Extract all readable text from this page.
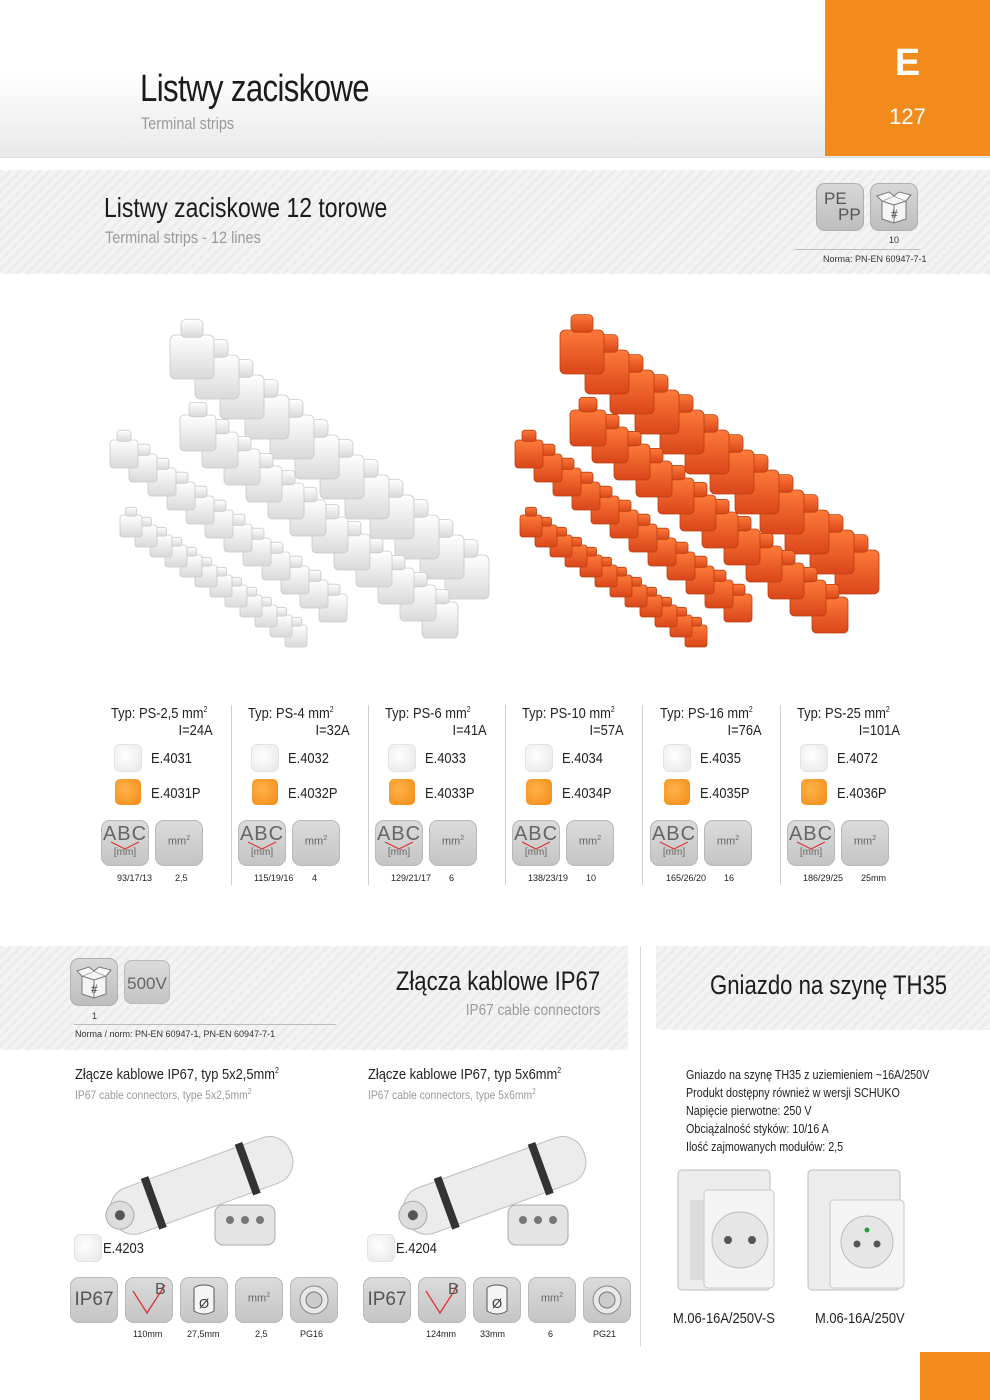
Listwy zaciskowe
Terminal strips
E
127
Listwy zaciskowe 12 torowe
Terminal strips - 12 lines
PE
PP	#
10
Norma: PN-EN 60947-7-1
Typ: PS-2,5 $mm^2$
I=24A
E.4031
E.4031P
ABC
[mm]
$mm^2$
93/17/13	2,5
Typ: PS-4 $mm^2$
I=32A
E.4032
E.4032P
ABC
[mm]
$mm^2$
115/19/16 4
Typ: PS-6 $mm^2$
I=41A
E.4033
E.4033P
ABC
[mm]
$mm^2$
129/21/17 6
Typ: PS-10 $mm^2$
I=57A
E.4034
E.4034P
ABC
[mm]
$mm^2$
138/23/19 10
Typ: PS-16 $mm^2$
I=76A
E.4035
E.4035P
ABC
[mm]
$mm^2$
165/26/20 16
Typ: PS-25 $mm^2$
I=101A
E.4072
E.4036P
ABC
[mm]
$mm^2$
186/29/25 25mm
# 500V
1
Norma / norm: PN-EN 60947-1, PN-EN 60947-7-1
Złącza kablowe IP67
IP67 cable connectors
Gniazdo na szynę TH35
Złącze kablowe IP67, typ $5x2,5mm^2$
IP67 cable connectors, type $5x2,5mm^2$
E.4203
IP67	B
Ø	$mm^2$
110mm	27,5mm	2,5	PG16
Złącze kablowe IP67, typ $5x6mm^2$
IP67 cable connectors, type $5x6mm^2$
E.4204
IP67	B
Ø	$mm^2$
124mm	33mm	6	PG21
Gniazdo na szynę TH35 z uziemieniem ~16A/250V
Produkt dostępny również w wersji SCHUKO
Napięcie pierwotne: 250 V
Obciążalność styków: 10/16 A
Ilość zajmowanych modułów: 2,5
M.06-16A/250V-S	M.06-16A/250V
